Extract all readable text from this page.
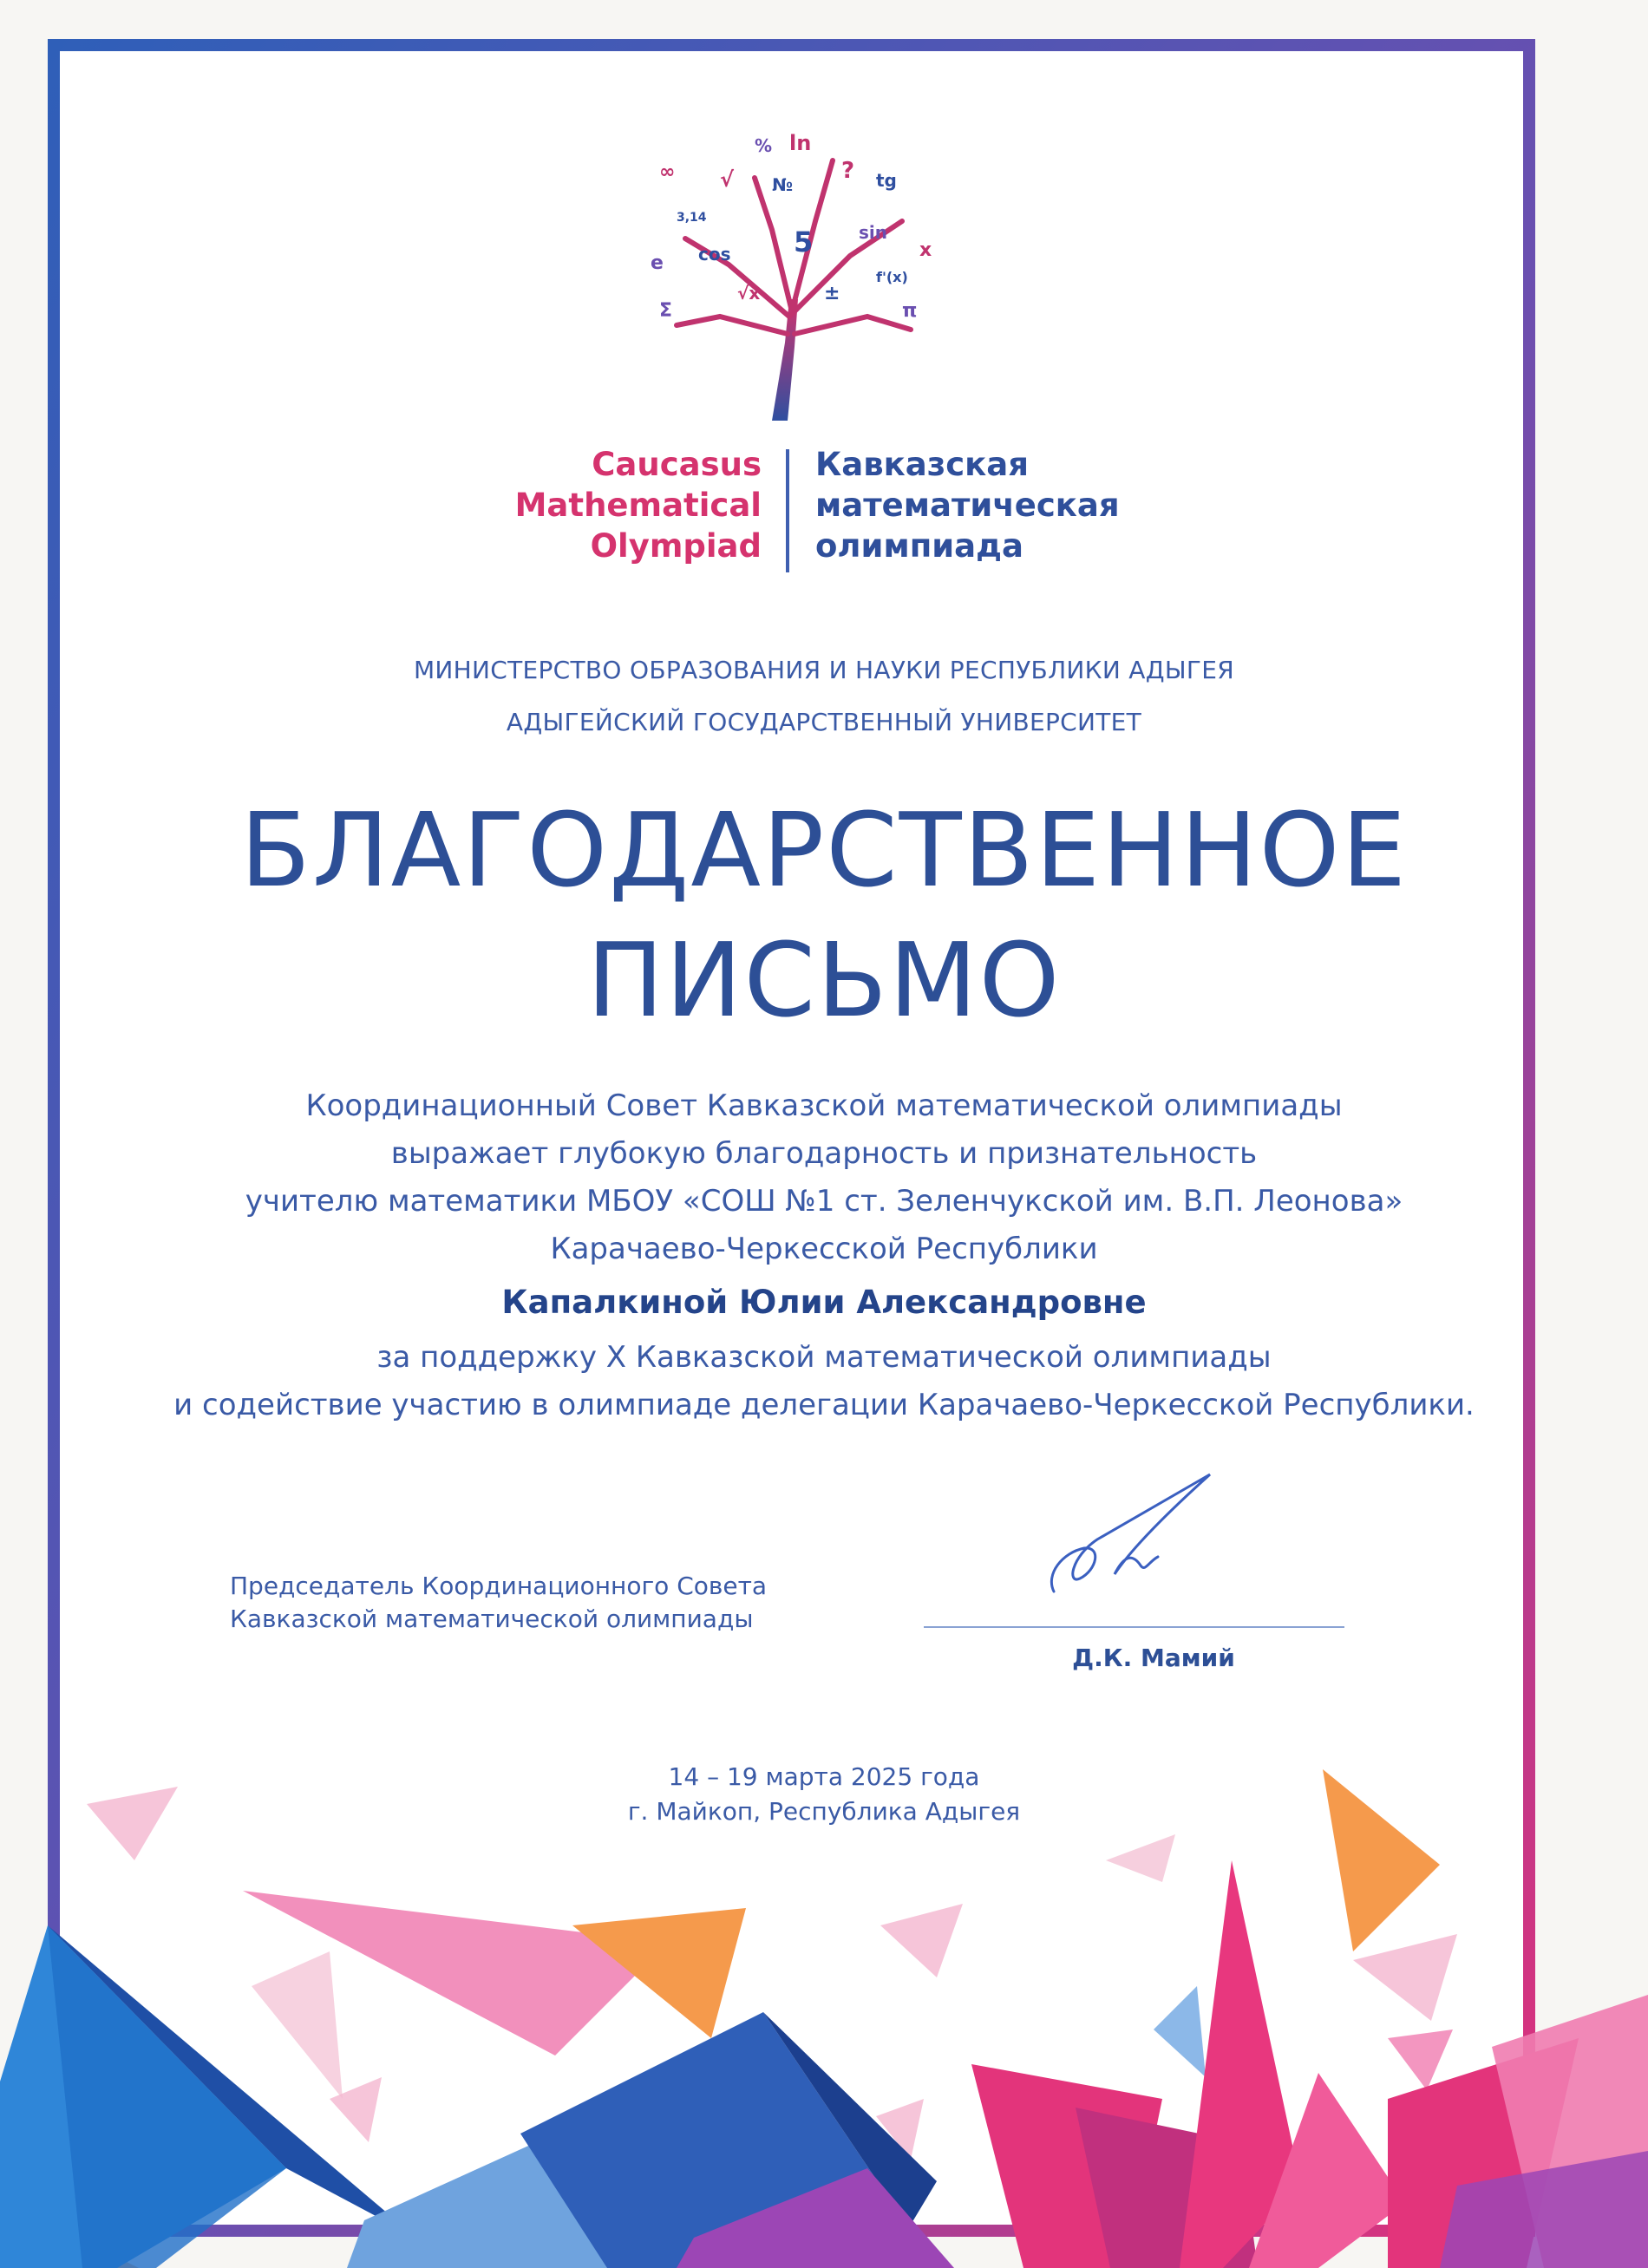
ln
%
tg
№
√	?
3,14
cos
sin
5
e
x
∞
f'(x)
Σ	π
√x	±
Caucasus
Mathematical
Olympiad
Кавказская
математическая
олимпиада
МИНИСТЕРСТВО ОБРАЗОВАНИЯ И НАУКИ РЕСПУБЛИКИ АДЫГЕЯ
АДЫГЕЙСКИЙ ГОСУДАРСТВЕННЫЙ УНИВЕРСИТЕТ
БЛАГОДАРСТВЕННОЕ
ПИСЬМО
Координационный Совет Кавказской математической олимпиады
выражает глубокую благодарность и признательность
учителю математики МБОУ «СОШ №1 ст. Зеленчукской им. В.П. Леонова»
Карачаево-Черкесской Республики
Капалкиной Юлии Александровне
за поддержку X Кавказской математической олимпиады
и содействие участию в олимпиаде делегации Карачаево-Черкесской Республики.
Председатель Координационного Совета
Кавказской математической олимпиады
Д.К. Мамий
14 – 19 марта 2025 года
г. Майкоп, Республика Адыгея
